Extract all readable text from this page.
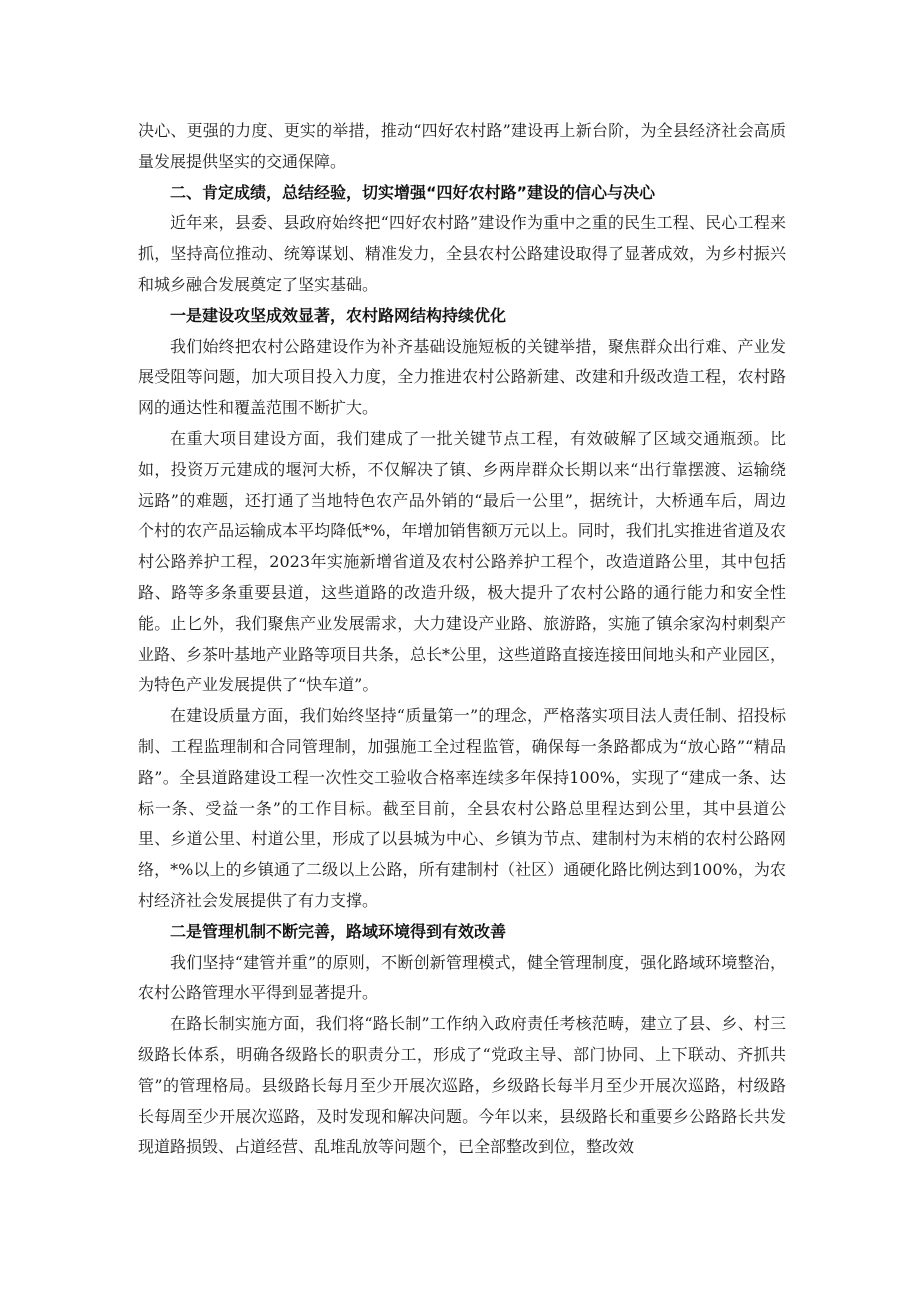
决心、更强的力度、更实的举措，推动“四好农村路”建设再上新台阶，为全县经济社会高质量发展提供坚实的交通保障。

二、肯定成绩，总结经验，切实增强“四好农村路”建设的信心与决心

近年来，县委、县政府始终把“四好农村路”建设作为重中之重的民生工程、民心工程来抓，坚持高位推动、统筹谋划、精准发力，全县农村公路建设取得了显著成效，为乡村振兴和城乡融合发展奠定了坚实基础。

一是建设攻坚成效显著，农村路网结构持续优化

我们始终把农村公路建设作为补齐基础设施短板的关键举措，聚焦群众出行难、产业发展受阻等问题，加大项目投入力度，全力推进农村公路新建、改建和升级改造工程，农村路网的通达性和覆盖范围不断扩大。

在重大项目建设方面，我们建成了一批关键节点工程，有效破解了区域交通瓶颈。比如，投资万元建成的堰河大桥，不仅解决了镇、乡两岸群众长期以来“出行靠摆渡、运输绕远路”的难题，还打通了当地特色农产品外销的“最后一公里”，据统计，大桥通车后，周边个村的农产品运输成本平均降低*%，年增加销售额万元以上。同时，我们扎实推进省道及农村公路养护工程，2023年实施新增省道及农村公路养护工程个，改造道路公里，其中包括路、路等多条重要县道，这些道路的改造升级，极大提升了农村公路的通行能力和安全性能。止匕外，我们聚焦产业发展需求，大力建设产业路、旅游路，实施了镇余家沟村刺梨产业路、乡茶叶基地产业路等项目共条，总长*公里，这些道路直接连接田间地头和产业园区，为特色产业发展提供了“快车道”。

在建设质量方面，我们始终坚持“质量第一”的理念，严格落实项目法人责任制、招投标制、工程监理制和合同管理制，加强施工全过程监管，确保每一条路都成为“放心路”“精品路”。全县道路建设工程一次性交工验收合格率连续多年保持100%，实现了“建成一条、达标一条、受益一条”的工作目标。截至目前，全县农村公路总里程达到公里，其中县道公里、乡道公里、村道公里，形成了以县城为中心、乡镇为节点、建制村为末梢的农村公路网络，*%以上的乡镇通了二级以上公路，所有建制村（社区）通硬化路比例达到100%，为农村经济社会发展提供了有力支撑。

二是管理机制不断完善，路域环境得到有效改善

我们坚持“建管并重”的原则，不断创新管理模式，健全管理制度，强化路域环境整治，农村公路管理水平得到显著提升。

在路长制实施方面，我们将“路长制”工作纳入政府责任考核范畴，建立了县、乡、村三级路长体系，明确各级路长的职责分工，形成了“党政主导、部门协同、上下联动、齐抓共管”的管理格局。县级路长每月至少开展次巡路，乡级路长每半月至少开展次巡路，村级路长每周至少开展次巡路，及时发现和解决问题。今年以来，县级路长和重要乡公路路长共发现道路损毁、占道经营、乱堆乱放等问题个，已全部整改到位，整改效
